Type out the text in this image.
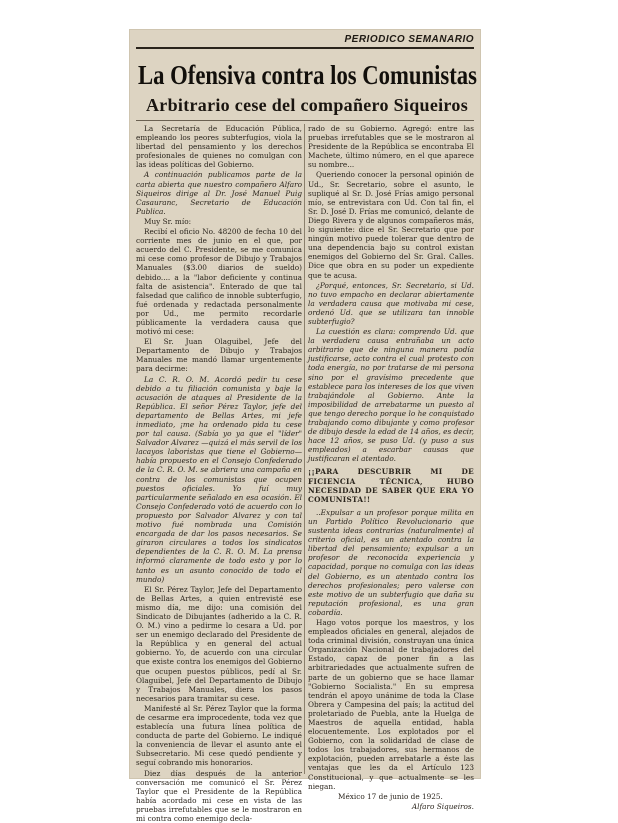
PERIODICO SEMANARIO
La Ofensiva contra los Comunistas
Arbitrario cese del compañero Siqueiros

La Secretaría de Educación Pública, empleando los peores subterfugios, viola la libertad del pensamiento y los derechos profesionales de quienes no comulgan con las ideas políticas del Gobierno.

A continuación publicamos parte de la carta abierta que nuestro compañero Alfaro Siqueiros dirige al Dr. José Manuel Puig Casauranc, Secretario de Educación Publica.

Muy Sr. mío:

Recibí el oficio No. 48200 de fecha 10 del corriente mes de junio en el que, por acuerdo del C. Presidente, se me comunica mi cese como profesor de Dibujo y Trabajos Manuales ($3.00 diarios de sueldo) debido.... a la "labor deficiente y continua falta de asistencia". Enterado de que tal falsedad que califico de innoble subterfugio, fué ordenada y redactada personalmente por Ud., me permito recordarle públicamente la verdadera causa que motivó mi cese:

El Sr. Juan Olaguibel, Jefe del Departamento de Dibujo y Trabajos Manuales me mandó llamar urgentemente para decirme:

La C. R. O. M. Acordó pedir tu cese debido a tu filiación comunista y baje la acusación de ataques al Presidente de la República. El señor Pérez Taylor, jefe del departamento de Bellas Artes, mi jefe inmediato, ¡me ha ordenado pida tu cese por tal causa. (Sabía yo ya que el "líder" Salvador Alvarez —quizá el más servil de los lacayos laboristas que tiene el Gobierno— había propuesto en el Consejo Confederado de la C. R. O. M. se abriera una campaña en contra de los comunistas que ocupen puestos oficiales. Yo fuí muy particularmente señalado en esa ocasión. El Consejo Confederado votó de acuerdo con lo propuesto por Salvador Alvarez y con tal motivo fué nombrada una Comisión encargada de dar los pasos necesarios. Se giraron circulares a todos los sindicatos dependientes de la C. R. O. M. La prensa informó claramente de todo esto y por lo tanto es un asunto conocido de todo el mundo)

El Sr. Pérez Taylor, Jefe del Departamento de Bellas Artes, a quien entrevisté ese mismo día, me dijo: una comisión del Sindicato de Dibujantes (adherido a la C. R. O. M.) vino a pedirme lo cesara a Ud. por ser un enemigo declarado del Presidente de la República y en general del actual gobierno. Yo, de acuerdo con una circular que existe contra los enemigos del Gobierno que ocupen puestos públicos, pedí al Sr. Olaguibel, Jefe del Departamento de Dibujo y Trabajos Manuales, diera los pasos necesarios para tramitar su cese.

Manifesté al Sr. Pérez Taylor que la forma de cesarme era improcedente, toda vez que establecía una futura línea política de conducta de parte del Gobierno. Le indiqué la conveniencia de llevar el asunto ante el Subsecretario. Mi cese quedó pendiente y seguí cobrando mis honorarios.

Diez días después de la anterior conversación me comunicó el Sr. Pérez Taylor que el Presidente de la República había acordado mi cese en vista de las pruebas irrefutables que se le mostraron en mi contra como enemigo decla-

rado de su Gobierno. Agregó: entre las pruebas irrefutables que se le mostraron al Presidente de la República se encontraba El Machete, último número, en el que aparece su nombre...

Queriendo conocer la personal opinión de Ud., Sr. Secretario, sobre el asunto, le supliqué al Sr. D. José Frías amigo personal mío, se entrevistara con Ud. Con tal fin, el Sr. D. José D. Frías me comunicó, delante de Diego Rivera y de algunos compañeros más, lo siguiente: dice el Sr. Secretario que por ningún motivo puede tolerar que dentro de una dependencia bajo su control existan enemigos del Gobierno del Sr. Gral. Calles. Dice que obra en su poder un expediente que te acusa.

¿Porqué, entonces, Sr. Secretario, si Ud. no tuvo empacho en declarar abiertamente la verdadera causa que motivaba mi cese, ordenó Ud. que se utilizara tan innoble subterfugio?

La cuestión es clara: comprendo Ud. que la verdadera causa entrañaba un acto arbitrario que de ninguna manera podía justificarse, acto contra el cual protesto con toda energía, no por tratarse de mi persona sino por el gravísimo precedente que establece para los intereses de los que viven trabajándole al Gobierno. Ante la imposibilidad de arrebatarme un puesto al que tengo derecho porque lo he conquistado trabajando como dibujante y como profesor de dibujo desde la edad de 14 años, es decir, hace 12 años, se puso Ud. (y puso a sus empleados) a escarbar causas que justificaran el atentado.

¡¡PARA DESCUBRIR MI DE FICIENCIA TÉCNICA, HUBO NECESIDAD DE SABER QUE ERA YO COMUNISTA!!

..Expulsar a un profesor porque milita en un Partido Político Revolucionario que sustenta ideas contrarias (naturalmente) al criterio oficial, es un atentado contra la libertad del pensamiento; expulsar a un profesor de reconocida experiencia y capacidad, porque no comulga con las ideas del Gobierno, es un atentado contra los derechos profesionales; pero valerse con este motivo de un subterfugio que daña su reputación profesional, es una gran cobardía.

Hago votos porque los maestros, y los empleados oficiales en general, alejados de toda criminal división, construyan una única Organización Nacional de trabajadores del Estado, capaz de poner fin a las arbitrariedades que actualmente sufren de parte de un gobierno que se hace llamar "Gobierno Socialista." En su empresa tendrán el apoyo unánime de toda la Clase Obrera y Campesina del país; la actitud del proletariado de Puebla, ante la Huelga de Maestros de aquella entidad, habla elocuentemente. Los explotados por el Gobierno, con la solidaridad de clase de todos los trabajadores, sus hermanos de explotación, pueden arrebatarle a éste las ventajas que les da el Artículo 123 Constitucional, y que actualmente se les niegan.

México 17 de junio de 1925.

Alfaro Siqueiros.
